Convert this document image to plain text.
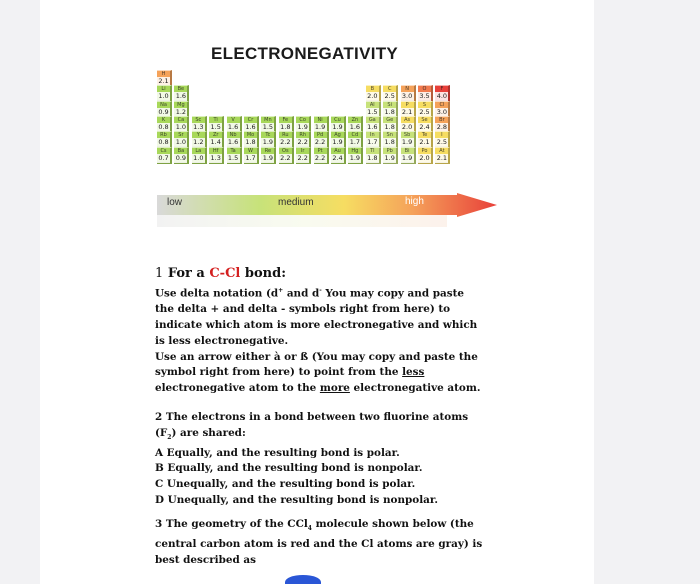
ELECTRONEGATIVITY
H
2.1
Li
1.0
Be
1.6
B
2.0
C
2.5
N
3.0
O
3.5
F
4.0
Na
0.9
Mg
1.2
Al
1.5
Si
1.8
P
2.1
S
2.5
Cl
3.0
K
0.8
Ca
1.0
Sc
1.3
Ti
1.5
V
1.6
Cr
1.6
Mn
1.5
Fe
1.8
Co
1.9
Ni
1.9
Cu
1.9
Zn
1.6
Ga
1.6
Ge
1.8
As
2.0
Se
2.4
Br
2.8
Rb
0.8
Sr
1.0
Y
1.2
Zr
1.4
Nb
1.6
Mo
1.8
Tc
1.9
Ru
2.2
Rh
2.2
Pd
2.2
Ag
1.9
Cd
1.7
In
1.7
Sn
1.8
Sb
1.9
Te
2.1
I
2.5
Cs
0.7
Ba
0.9
La
1.0
Hf
1.3
Ta
1.5
W
1.7
Re
1.9
Os
2.2
Ir
2.2
Pt
2.2
Au
2.4
Hg
1.9
Tl
1.8
Pb
1.9
Bi
1.9
Po
2.0
At
2.1
low	medium	high
1 For a C-Cl bond:
Use delta notation (d+ and d- You may copy and paste the delta + and delta - symbols right from here) to indicate which atom is more electronegative and which is less electronegative.
Use an arrow either à or ß (You may copy and paste the symbol right from here) to point from the less electronegative atom to the more electronegative atom.
2 The electrons in a bond between two fluorine atoms $(F_2)$ are shared:
A Equally, and the resulting bond is polar.
B Equally, and the resulting bond is nonpolar.
C Unequally, and the resulting bond is polar.
D Unequally, and the resulting bond is nonpolar.
3 The geometry of the CCl$_4$ molecule shown below (the central carbon atom is red and the Cl atoms are gray) is best described as
